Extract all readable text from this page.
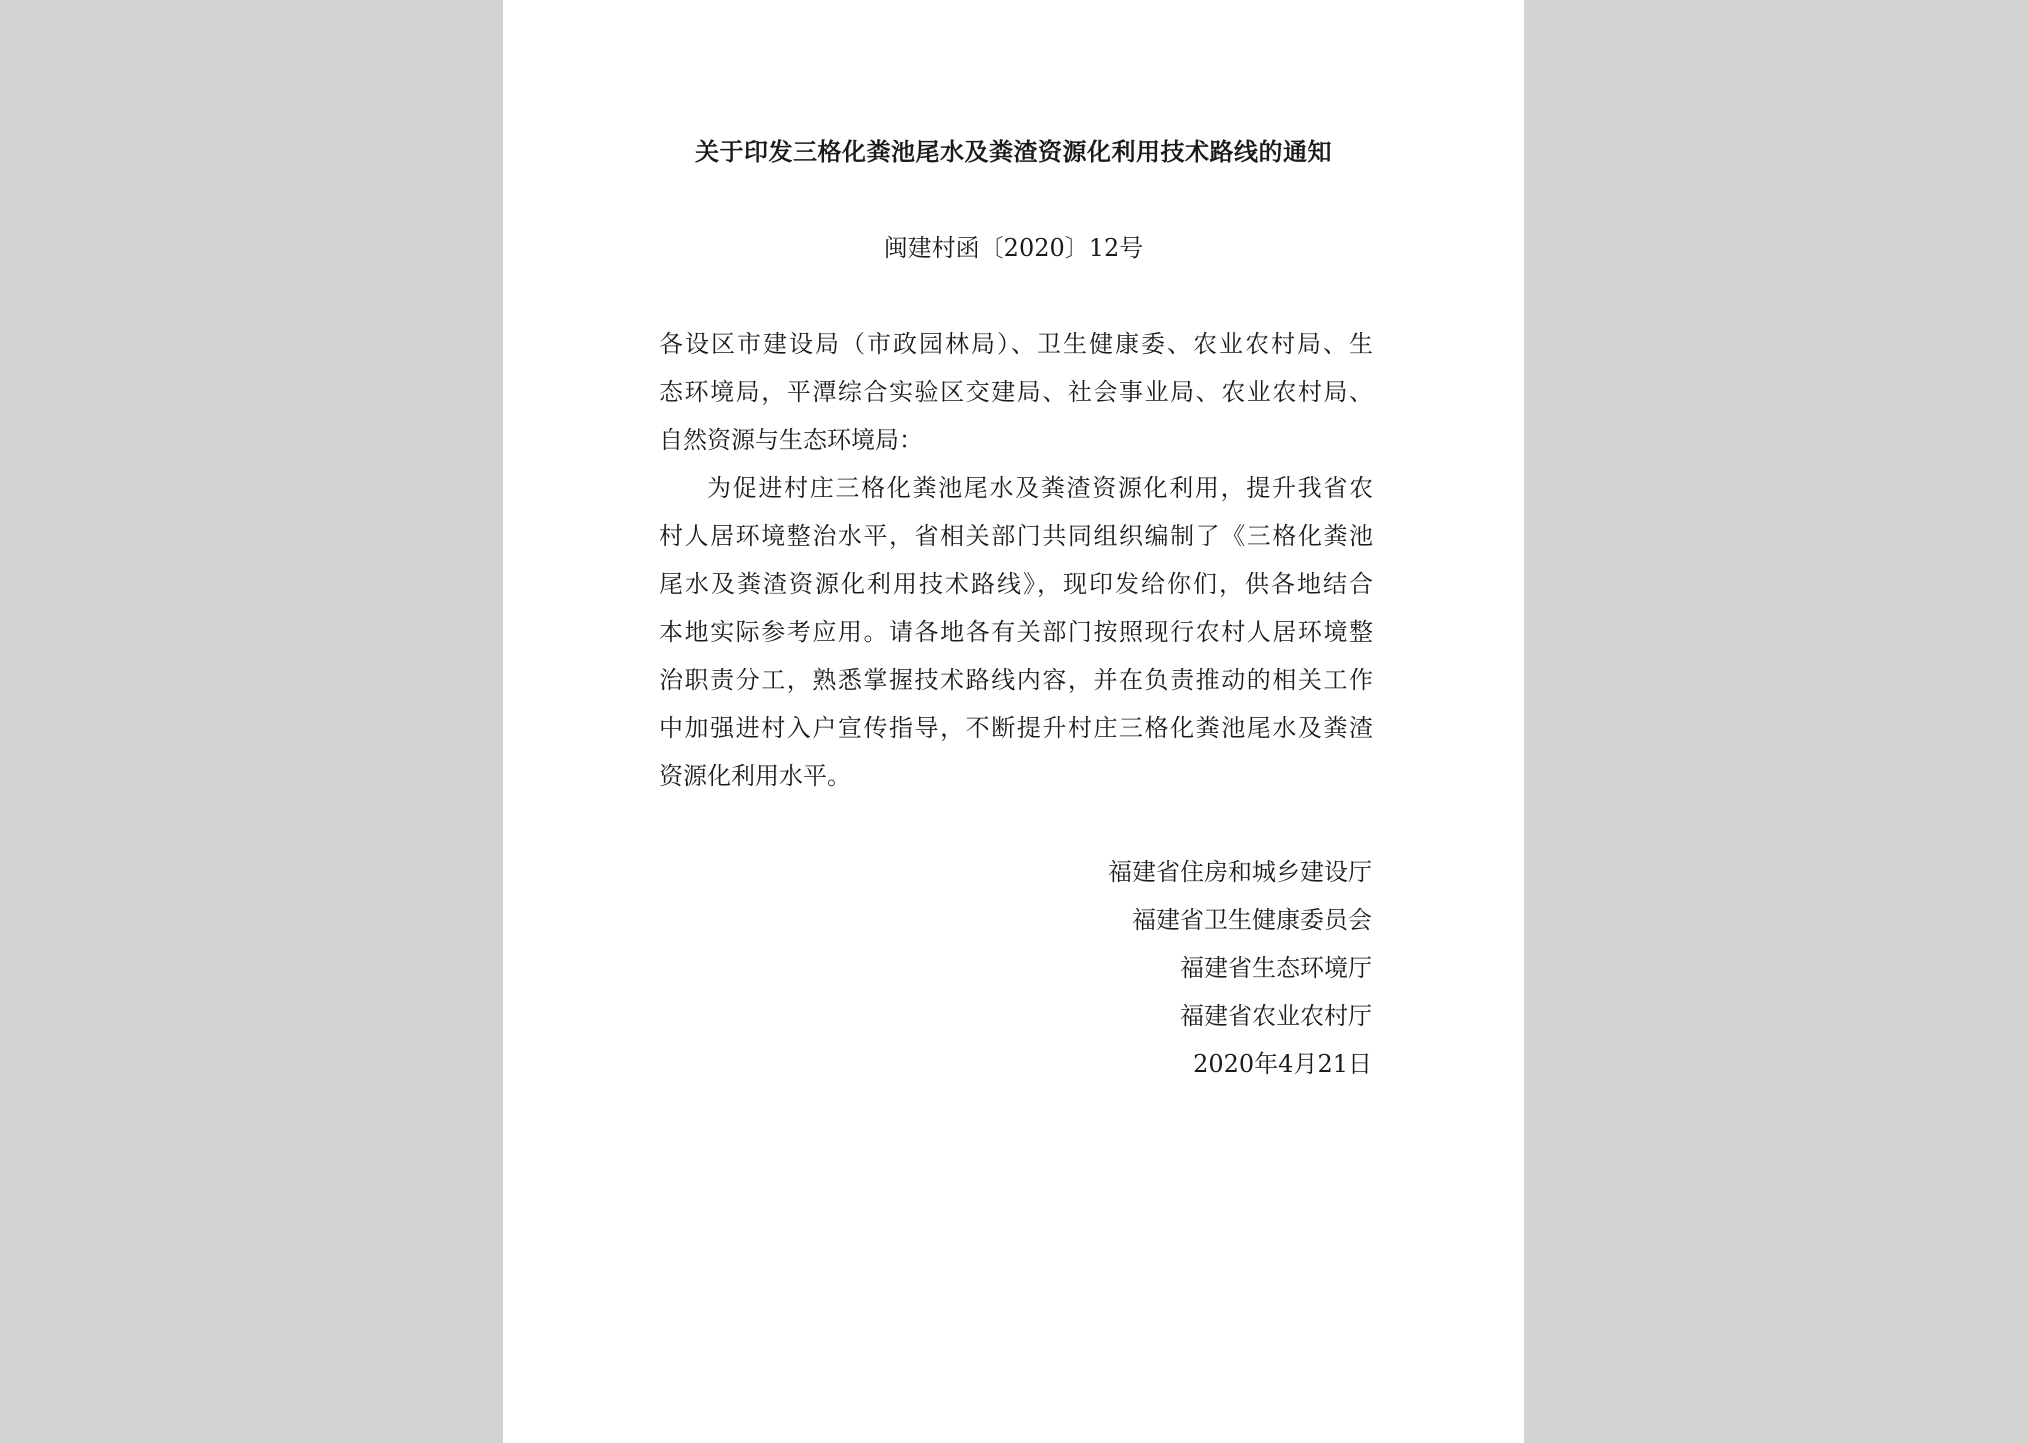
关于印发三格化粪池尾水及粪渣资源化利用技术路线的通知
闽建村函〔2020〕12号
各设区市建设局（市政园林局）、卫生健康委、农业农村局、生
态环境局，平潭综合实验区交建局、社会事业局、农业农村局、
自然资源与生态环境局：
为促进村庄三格化粪池尾水及粪渣资源化利用，提升我省农
村人居环境整治水平，省相关部门共同组织编制了《三格化粪池
尾水及粪渣资源化利用技术路线》，现印发给你们，供各地结合
本地实际参考应用。请各地各有关部门按照现行农村人居环境整
治职责分工，熟悉掌握技术路线内容，并在负责推动的相关工作
中加强进村入户宣传指导，不断提升村庄三格化粪池尾水及粪渣
资源化利用水平。
福建省住房和城乡建设厅
福建省卫生健康委员会
福建省生态环境厅
福建省农业农村厅
2020年4月21日
